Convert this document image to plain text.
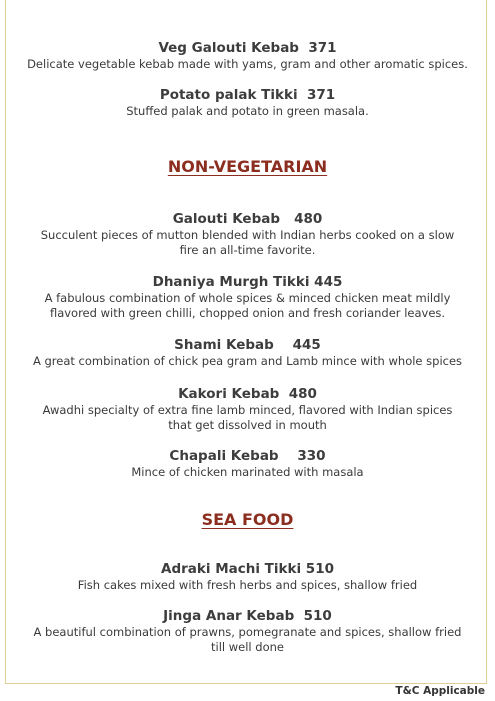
Veg Galouti Kebab  371
Delicate vegetable kebab made with yams, gram and other aromatic spices.
Potato palak Tikki  371
Stuffed palak and potato in green masala.
NON-VEGETARIAN
Galouti Kebab   480
Succulent pieces of mutton blended with Indian herbs cooked on a slow fire an all-time favorite.
Dhaniya Murgh Tikki 445
A fabulous combination of whole spices & minced chicken meat mildly flavored with green chilli, chopped onion and fresh coriander leaves.
Shami Kebab    445
A great combination of chick pea gram and Lamb mince with whole spices
Kakori Kebab  480
Awadhi specialty of extra fine lamb minced, flavored with Indian spices that get dissolved in mouth
Chapali Kebab    330
Mince of chicken marinated with masala
SEA FOOD
Adraki Machi Tikki 510
Fish cakes mixed with fresh herbs and spices, shallow fried
Jinga Anar Kebab  510
A beautiful combination of prawns, pomegranate and spices, shallow fried till well done
T&C Applicable
